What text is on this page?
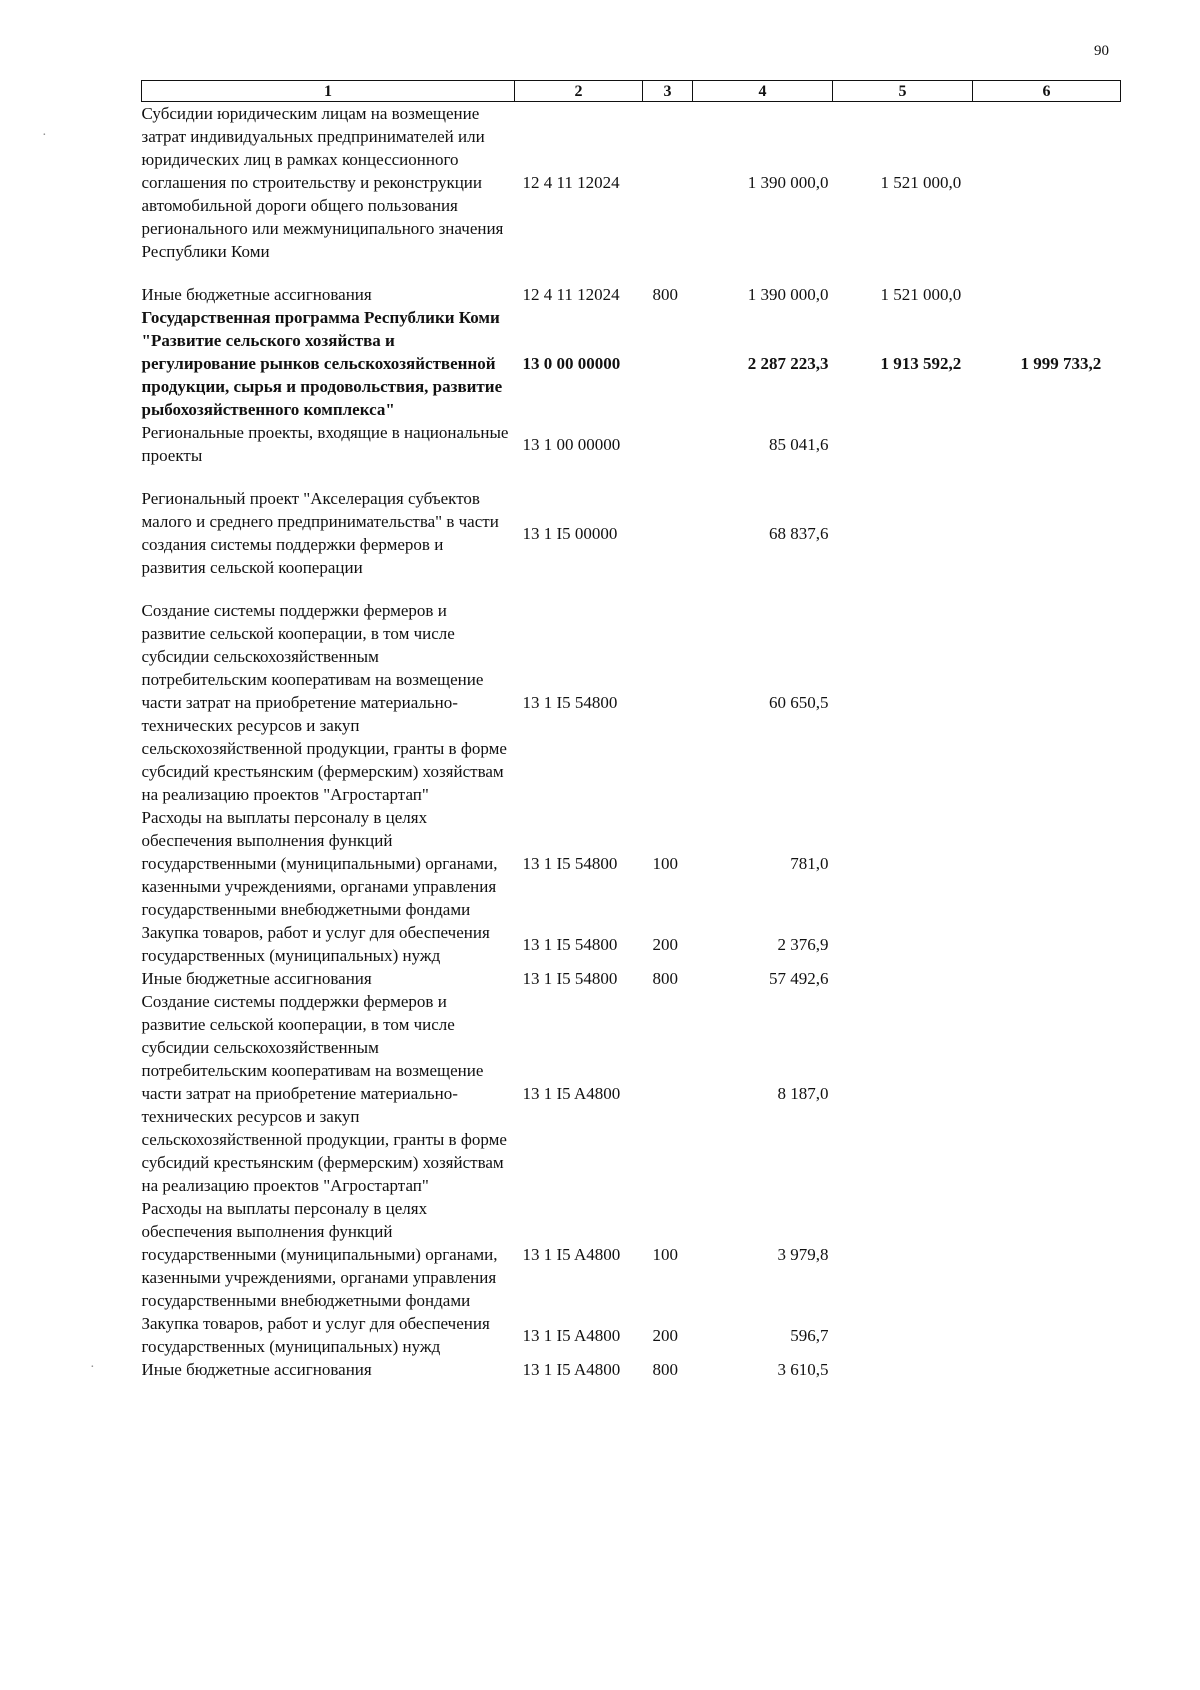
90
1	2	3	4	5	6
Субсидии юридическим лицам на возмещение затрат индивидуальных предпринимателей или юридических лиц в рамках концессионного соглашения по строительству и реконструкции автомобильной дороги общего пользования регионального или межмуниципального значения Республики Коми	12 4 11 12024		1 390 000,0	1 521 000,0	

Иные бюджетные ассигнования	12 4 11 12024	800	1 390 000,0	1 521 000,0	
Государственная программа Республики Коми "Развитие сельского хозяйства и регулирование рынков сельскохозяйственной продукции, сырья и продовольствия, развитие рыбохозяйственного комплекса"	13 0 00 00000		2 287 223,3	1 913 592,2	1 999 733,2
Региональные проекты, входящие в национальные проекты	13 1 00 00000		85 041,6		

Региональный проект "Акселерация субъектов малого и среднего предпринимательства" в части создания системы поддержки фермеров и развития сельской кооперации	13 1 I5 00000		68 837,6		

Создание системы поддержки фермеров и развитие сельской кооперации, в том числе субсидии сельскохозяйственным потребительским кооперативам на возмещение части затрат на приобретение материально-технических ресурсов и закуп сельскохозяйственной продукции, гранты в форме субсидий крестьянским (фермерским) хозяйствам на реализацию проектов "Агростартап"	13 1 I5 54800		60 650,5		
Расходы на выплаты персоналу в целях обеспечения выполнения функций государственными (муниципальными) органами, казенными учреждениями, органами управления государственными внебюджетными фондами	13 1 I5 54800	100	781,0		
Закупка товаров, работ и услуг для обеспечения государственных (муниципальных) нужд	13 1 I5 54800	200	2 376,9		
Иные бюджетные ассигнования	13 1 I5 54800	800	57 492,6		
Создание системы поддержки фермеров и развитие сельской кооперации, в том числе субсидии сельскохозяйственным потребительским кооперативам на возмещение части затрат на приобретение материально-технических ресурсов и закуп сельскохозяйственной продукции, гранты в форме субсидий крестьянским (фермерским) хозяйствам на реализацию проектов "Агростартап"	13 1 I5 A4800		8 187,0		
Расходы на выплаты персоналу в целях обеспечения выполнения функций государственными (муниципальными) органами, казенными учреждениями, органами управления государственными внебюджетными фондами	13 1 I5 A4800	100	3 979,8		
Закупка товаров, работ и услуг для обеспечения государственных (муниципальных) нужд	13 1 I5 A4800	200	596,7		
Иные бюджетные ассигнования	13 1 I5 A4800	800	3 610,5		
·
·
